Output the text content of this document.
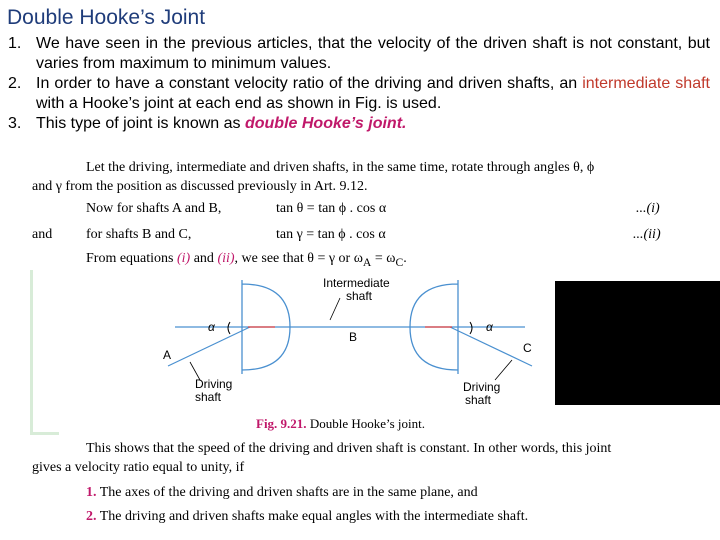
Double Hooke’s Joint
1. We have seen in the previous articles, that the velocity of the driven shaft is not constant, but varies from maximum to minimum values.
2. In order to have a constant velocity ratio of the driving and driven shafts, an intermediate shaft with a Hooke’s joint at each end as shown in Fig. is used.
3. This type of joint is known as double Hooke’s joint.
Let the driving, intermediate and driven shafts, in the same time, rotate through angles θ, ϕ
and γ from the position as discussed previously in Art. 9.12.
Now for shafts A and B,	tan θ = tan ϕ . cos α	...(i)
and for shafts B and C,	tan γ = tan ϕ . cos α	...(ii)
From equations (i) and (ii), we see that θ = γ or $\omega_A = \omega_C$.
Intermediate
shaft
α	α
B
A	C
Driving
shaft
Driving
shaft
Fig. 9.21. Double Hooke’s joint.
This shows that the speed of the driving and driven shaft is constant. In other words, this joint
gives a velocity ratio equal to unity, if
1. The axes of the driving and driven shafts are in the same plane, and
2. The driving and driven shafts make equal angles with the intermediate shaft.
